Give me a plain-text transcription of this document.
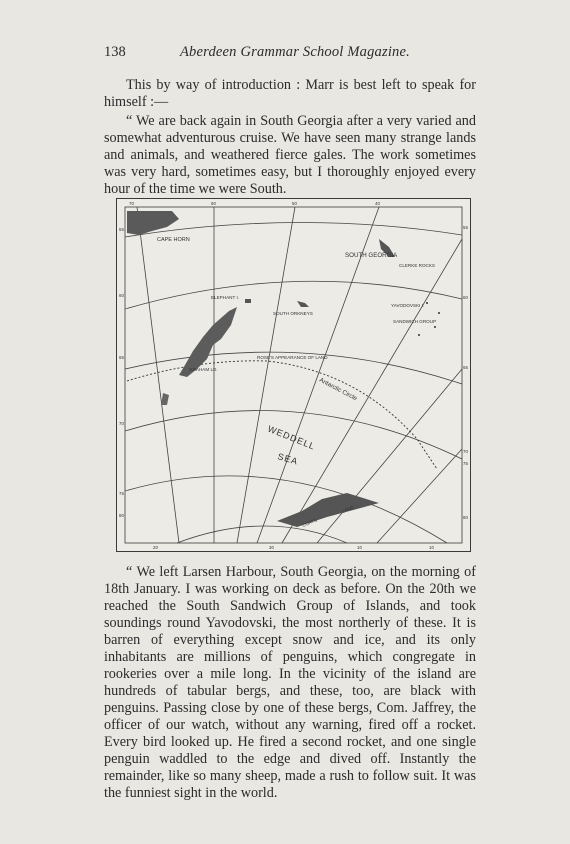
138	Aberdeen Grammar School Magazine.

This by way of introduction : Marr is best left to speak for himself :—

“ We are back again in South Georgia after a very varied and somewhat adventurous cruise. We have seen many strange lands and animals, and weathered fierce gales. The work sometimes was very hard, sometimes easy, but I thoroughly enjoyed every hour of the time we were South.

70	60	50	40
20	30	10	10
55
60
65
70
75
80
55
60
65
70
75
80
CAPE HORN
SOUTH GEORGIA
CLERKE ROCKS
ELEPHANT I.
SOUTH ORKNEYS
YAVODOVSKI I.
SANDWICH GROUP
ROSE'S APPEARANCE OF LAND
GRAHAM LD.
Antarctic Circle
WEDDELL
SEA
COATS
LAND

“ We left Larsen Harbour, South Georgia, on the morning of 18th January. I was working on deck as before. On the 20th we reached the South Sandwich Group of Islands, and took soundings round Yavodovski, the most northerly of these. It is barren of everything except snow and ice, and its only inhabitants are millions of penguins, which congregate in rookeries over a mile long. In the vicinity of the island are hundreds of tabular bergs, and these, too, are black with penguins. Passing close by one of these bergs, Com. Jaffrey, the officer of our watch, without any warning, fired off a rocket. Every bird looked up. He fired a second rocket, and one single penguin waddled to the edge and dived off. Instantly the remainder, like so many sheep, made a rush to follow suit. It was the funniest sight in the world.
